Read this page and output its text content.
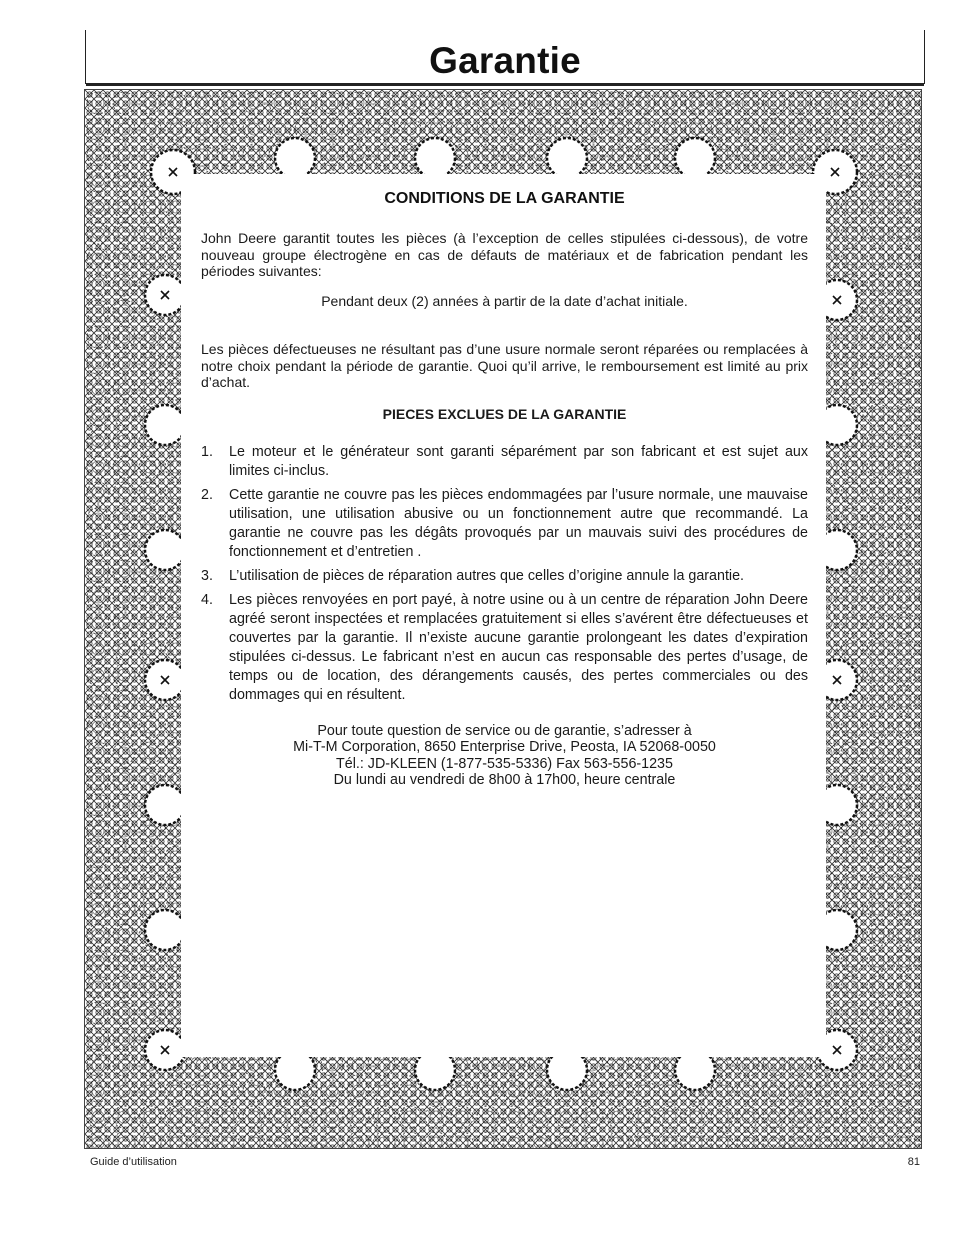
Garantie
CONDITIONS DE LA GARANTIE

John Deere garantit toutes les pièces (à l’exception de celles stipulées ci-dessous), de votre nouveau groupe électrogène en cas de défauts de matériaux et de fabrication pendant les périodes suivantes:

Pendant deux (2) années à partir de la date d’achat initiale.

Les pièces défectueuses ne résultant pas d’une usure normale seront réparées ou remplacées à notre choix pendant la période de garantie. Quoi qu’il arrive, le remboursement est limité au prix d’achat.

PIECES EXCLUES DE LA GARANTIE
1. Le moteur et le générateur sont garanti séparément par son fabricant et est sujet aux limites ci-inclus.
2. Cette garantie ne couvre pas les pièces endommagées par l’usure normale, une mauvaise utilisation, une utilisation abusive ou un fonctionnement autre que recommandé. La garantie ne couvre pas les dégâts provoqués par un mauvais suivi des procédures de fonctionnement et d’entretien .
3. L’utilisation de pièces de réparation autres que celles d’origine annule la garantie.
4. Les pièces renvoyées en port payé, à notre usine ou à un centre de réparation John Deere agréé seront inspectées et remplacées gratuitement si elles s’avérent être défectueuses et couvertes par la garantie. Il n’existe aucune garantie prolongeant les dates d’expiration stipulées ci-dessus. Le fabricant n’est en aucun cas responsable des pertes d’usage, de temps ou de location, des dérangements causés, des pertes commerciales ou des dommages qui en résultent.
Pour toute question de service ou de garantie, s’adresser à
Mi-T-M Corporation, 8650 Enterprise Drive, Peosta, IA 52068-0050
Tél.: JD-KLEEN (1-877-535-5336) Fax 563-556-1235
Du lundi au vendredi de 8h00 à 17h00, heure centrale
Guide d’utilisation	81
